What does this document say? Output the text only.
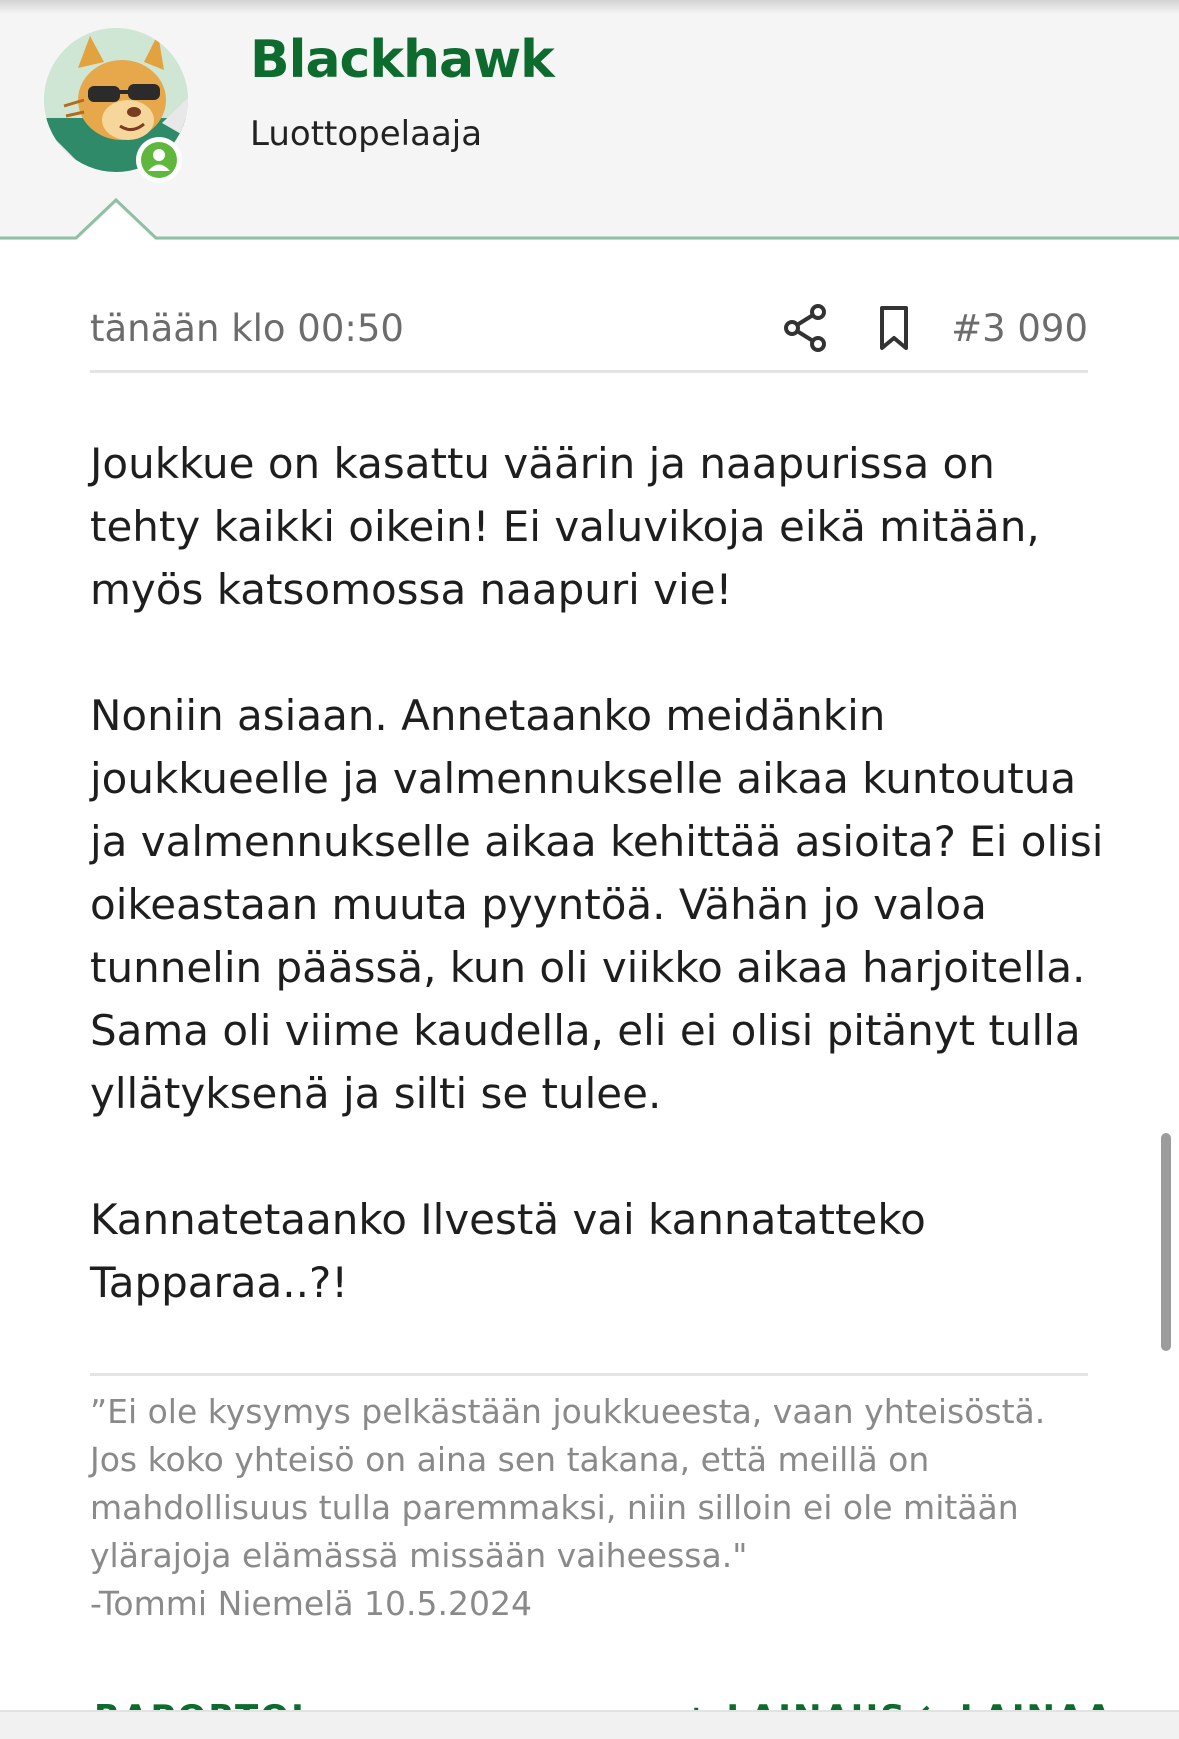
Blackhawk
Luottopelaaja
tänään klo 00:50	#3 090

Joukkue on kasattu väärin ja naapurissa on

tehty kaikki oikein! Ei valuvikoja eikä mitään,

myös katsomossa naapuri vie!

Noniin asiaan. Annetaanko meidänkin

joukkueelle ja valmennukselle aikaa kuntoutua

ja valmennukselle aikaa kehittää asioita? Ei olisi

oikeastaan muuta pyyntöä. Vähän jo valoa

tunnelin päässä, kun oli viikko aikaa harjoitella.

Sama oli viime kaudella, eli ei olisi pitänyt tulla

yllätyksenä ja silti se tulee.

Kannatetaanko Ilvestä vai kannatatteko

Tapparaa..?!

”Ei ole kysymys pelkästään joukkueesta, vaan yhteisöstä.

Jos koko yhteisö on aina sen takana, että meillä on

mahdollisuus tulla paremmaksi, niin silloin ei ole mitään

ylärajoja elämässä missään vaiheessa."

-Tommi Niemelä 10.5.2024
